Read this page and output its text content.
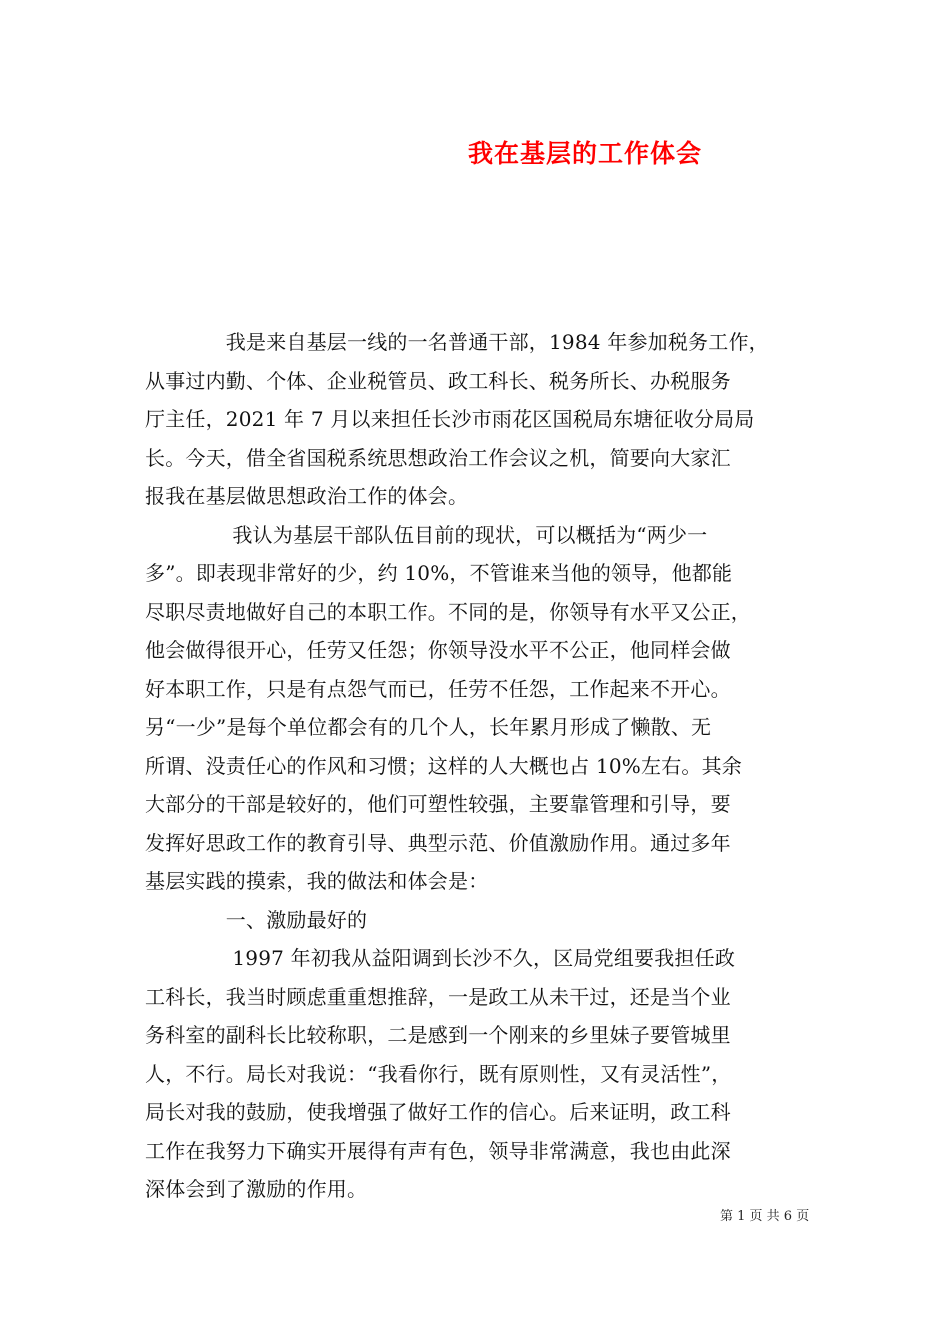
我在基层的工作体会
　　　　我是来自基层一线的一名普通干部，1984 年参加税务工作，
从事过内勤、个体、企业税管员、政工科长、税务所长、办税服务
厅主任，2021 年 7 月以来担任长沙市雨花区国税局东塘征收分局局
长。今天，借全省国税系统思想政治工作会议之机，简要向大家汇
报我在基层做思想政治工作的体会。
　　　　 我认为基层干部队伍目前的现状，可以概括为“两少一
多”。即表现非常好的少，约 10%，不管谁来当他的领导，他都能
尽职尽责地做好自己的本职工作。不同的是，你领导有水平又公正，
他会做得很开心，任劳又任怨；你领导没水平不公正，他同样会做
好本职工作，只是有点怨气而已，任劳不任怨，工作起来不开心。
另“一少”是每个单位都会有的几个人，长年累月形成了懒散、无
所谓、没责任心的作风和习惯；这样的人大概也占 10%左右。其余
大部分的干部是较好的，他们可塑性较强，主要靠管理和引导，要
发挥好思政工作的教育引导、典型示范、价值激励作用。通过多年
基层实践的摸索，我的做法和体会是：
　　　　一、激励最好的
　　　　 1997 年初我从益阳调到长沙不久，区局党组要我担任政
工科长，我当时顾虑重重想推辞，一是政工从未干过，还是当个业
务科室的副科长比较称职，二是感到一个刚来的乡里妹子要管城里
人，不行。局长对我说：“我看你行，既有原则性，又有灵活性”，
局长对我的鼓励，使我增强了做好工作的信心。后来证明，政工科
工作在我努力下确实开展得有声有色，领导非常满意，我也由此深
深体会到了激励的作用。
第 1 页 共 6 页
